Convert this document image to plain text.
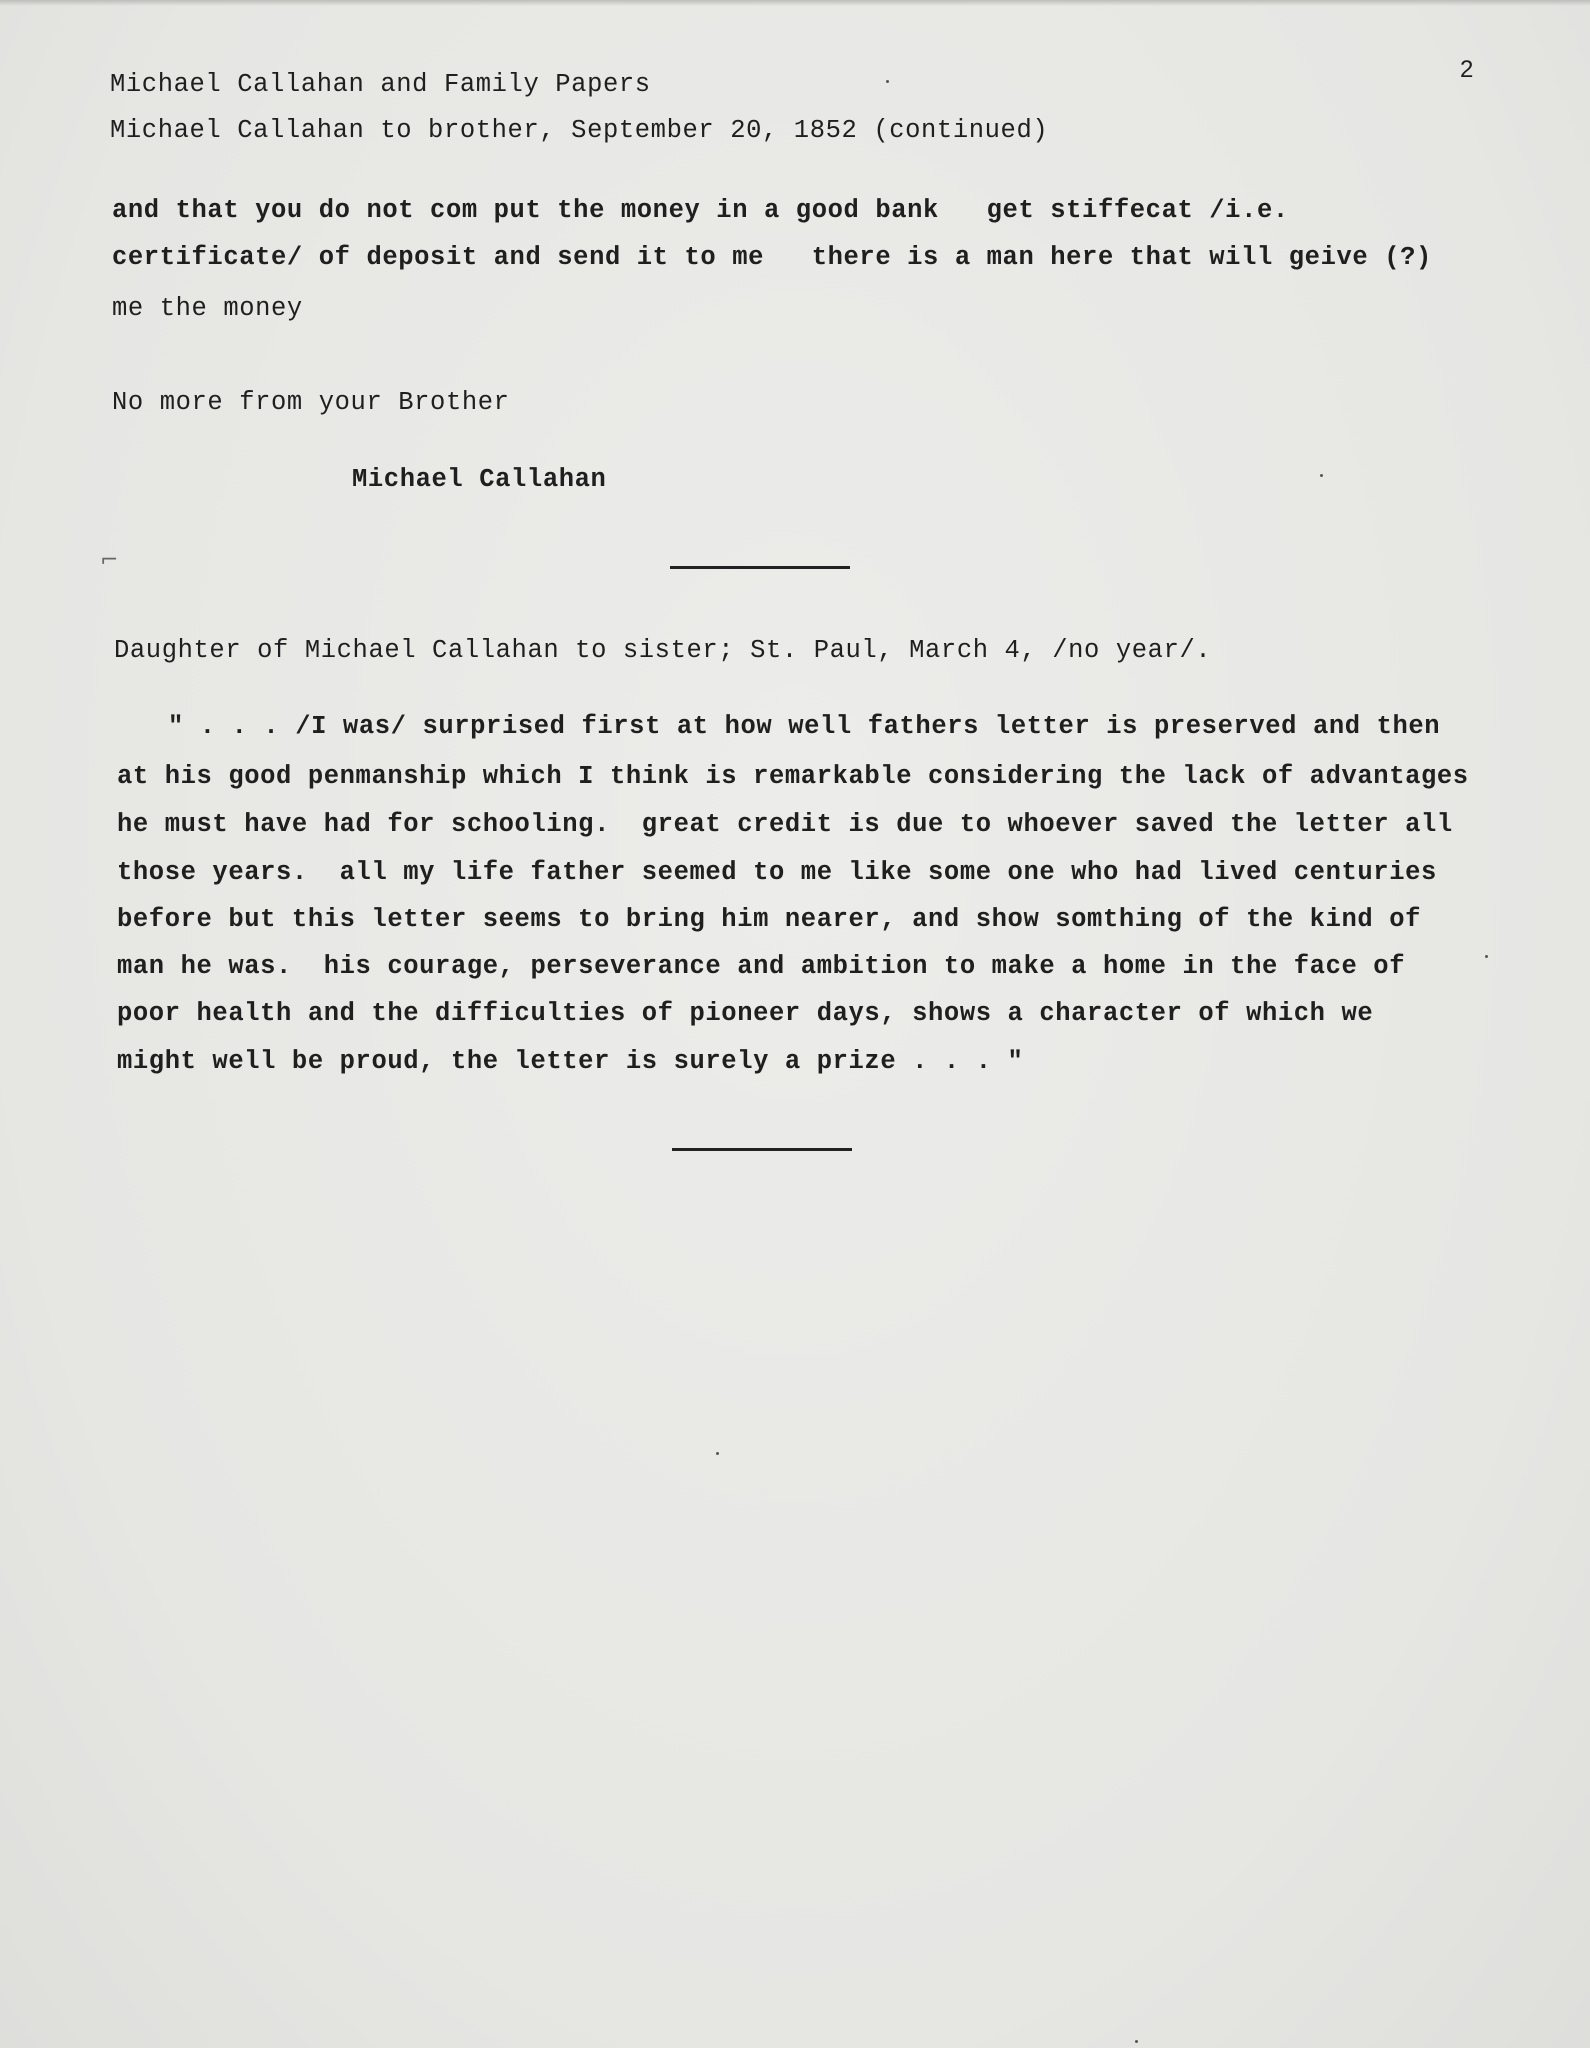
2
Michael Callahan and Family Papers
Michael Callahan to brother, September 20, 1852 (continued)
and that you do not com put the money in a good bank   get stiffecat /i.e.
certificate/ of deposit and send it to me   there is a man here that will geive (?)
me the money
No more from your Brother
Michael Callahan
⌐
Daughter of Michael Callahan to sister; St. Paul, March 4, /no year/.
" . . . /I was/ surprised first at how well fathers letter is preserved and then
at his good penmanship which I think is remarkable considering the lack of advantages
he must have had for schooling.  great credit is due to whoever saved the letter all
those years.  all my life father seemed to me like some one who had lived centuries
before but this letter seems to bring him nearer, and show somthing of the kind of
man he was.  his courage, perseverance and ambition to make a home in the face of
poor health and the difficulties of pioneer days, shows a character of which we
might well be proud, the letter is surely a prize . . . "
